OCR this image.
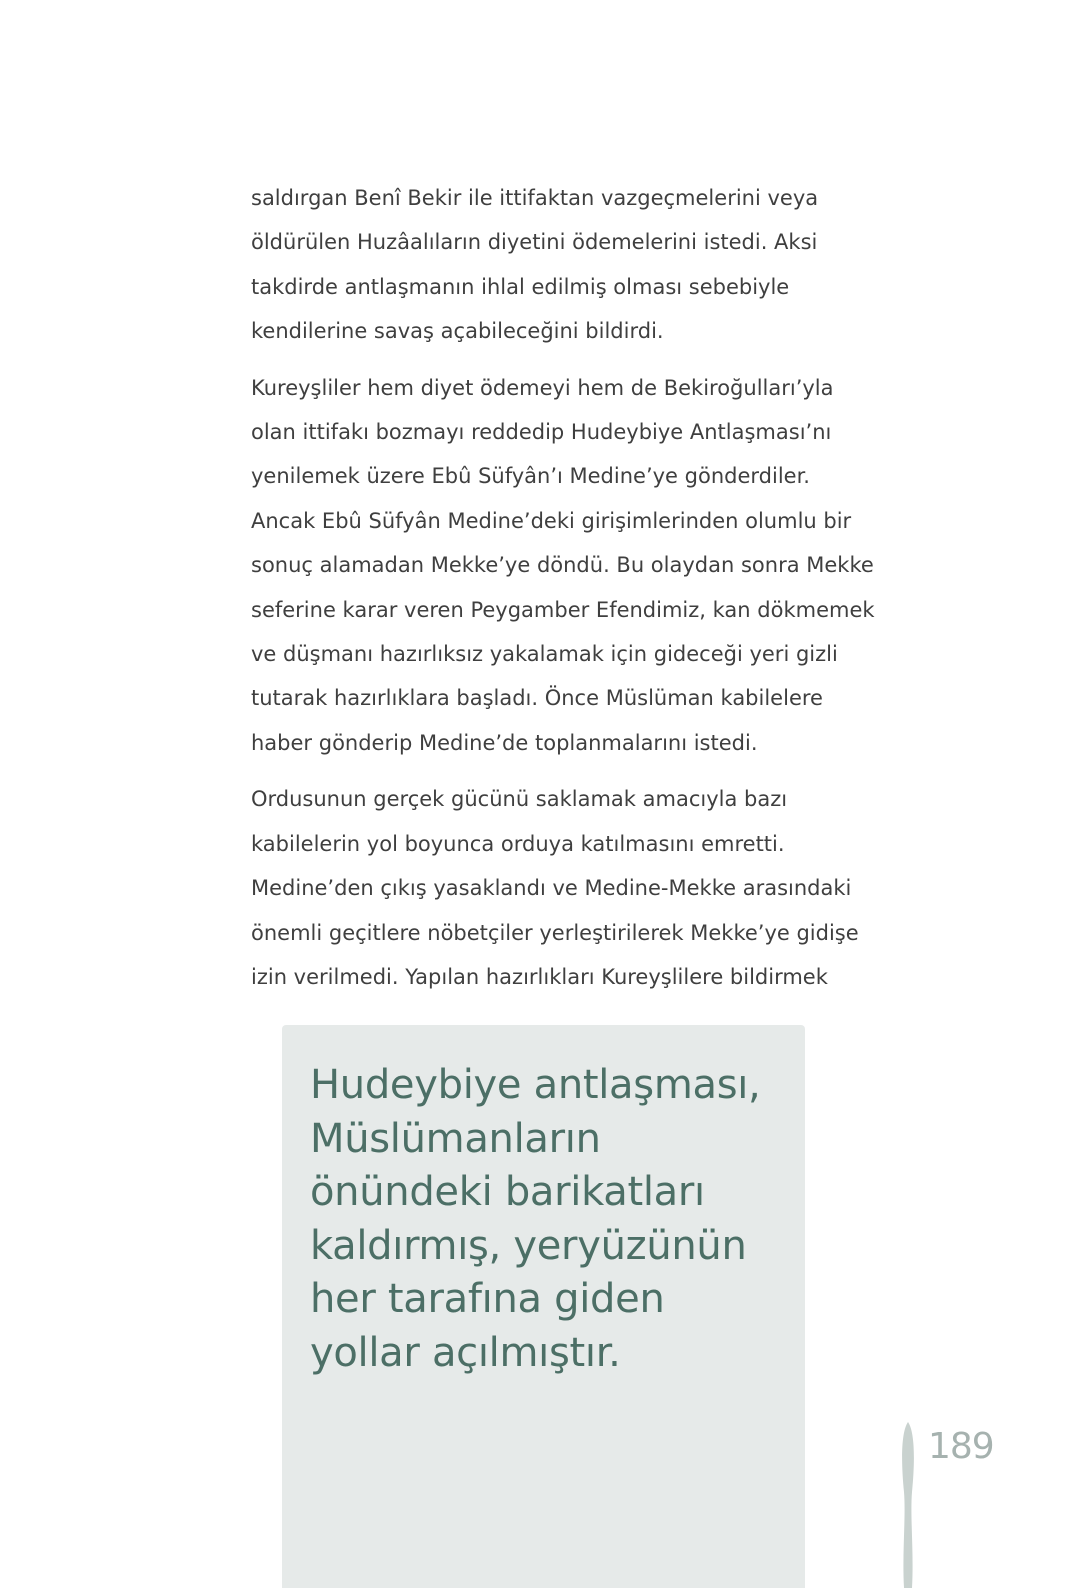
saldırgan Benî Bekir ile ittifaktan vazgeçmelerini veya
öldürülen Huzâalıların diyetini ödemelerini istedi. Aksi
takdirde antlaşmanın ihlal edilmiş olması sebebiyle
kendilerine savaş açabileceğini bildirdi.

Kureyşliler hem diyet ödemeyi hem de Bekiroğulları’yla
olan ittifakı bozmayı reddedip Hudeybiye Antlaşması’nı
yenilemek üzere Ebû Süfyân’ı Medine’ye gönderdiler.
Ancak Ebû Süfyân Medine’deki girişimlerinden olumlu bir
sonuç alamadan Mekke’ye döndü. Bu olaydan sonra Mekke
seferine karar veren Peygamber Efendimiz, kan dökmemek
ve düşmanı hazırlıksız yakalamak için gideceği yeri gizli
tutarak hazırlıklara başladı. Önce Müslüman kabilelere
haber gönderip Medine’de toplanmalarını istedi.

Ordusunun gerçek gücünü saklamak amacıyla bazı
kabilelerin yol boyunca orduya katılmasını emretti.
Medine’den çıkış yasaklandı ve Medine-Mekke arasındaki
önemli geçitlere nöbetçiler yerleştirilerek Mekke’ye gidişe
izin verilmedi. Yapılan hazırlıkları Kureyşlilere bildirmek

Hudeybiye antlaşması,
Müslümanların
önündeki barikatları
kaldırmış, yeryüzünün
her tarafına giden
yollar açılmıştır.
189
